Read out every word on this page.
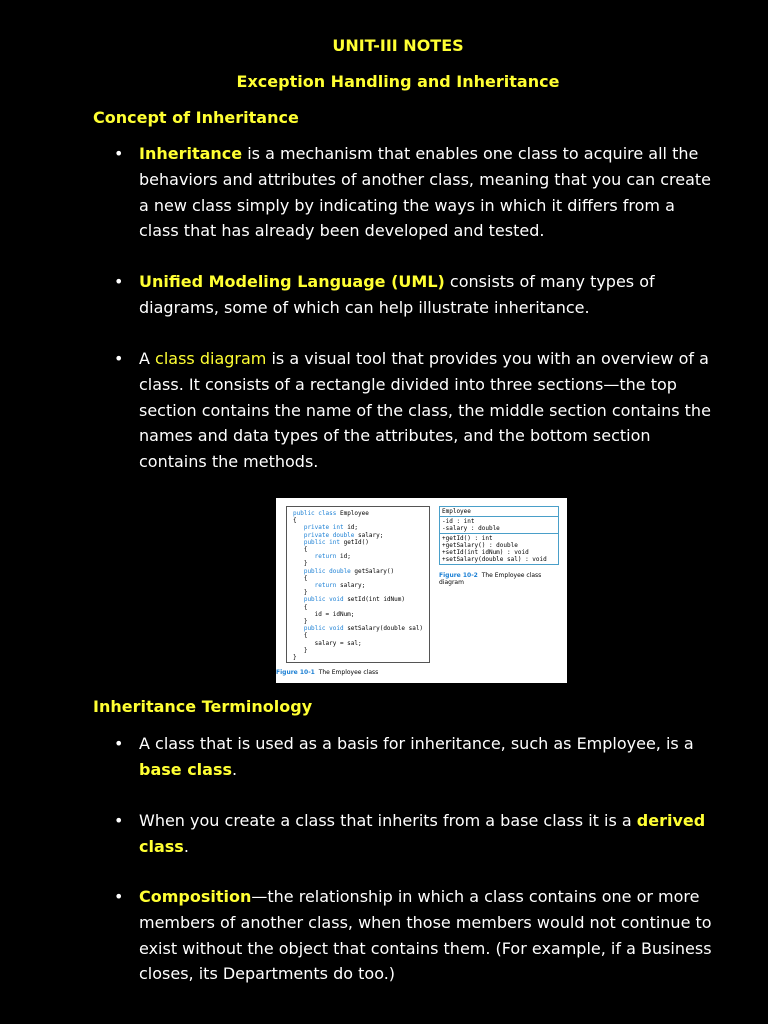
UNIT-III NOTES
Exception Handling and Inheritance
Concept of Inheritance
• Inheritance is a mechanism that enables one class to acquire all the behaviors and attributes of another class, meaning that you can create a new class simply by indicating the ways in which it differs from a class that has already been developed and tested.
• Unified Modeling Language (UML) consists of many types of diagrams, some of which can help illustrate inheritance.
• A class diagram is a visual tool that provides you with an overview of a class. It consists of a rectangle divided into three sections—the top section contains the name of the class, the middle section contains the names and data types of the attributes, and the bottom section contains the methods.
public class Employee
{
private int id;
private double salary;
public int getId()
{
return id;
}
public double getSalary()
{
return salary;
}
public void setId(int idNum)
{
id = idNum;
}
public void setSalary(double sal)
{
salary = sal;
}
}
Figure 10-1 The Employee class
Employee
-id : int
-salary : double
+getId() : int
+getSalary() : double
+setId(int idNum) : void
+setSalary(double sal) : void
Figure 10-2 The Employee class diagram
Inheritance Terminology
• A class that is used as a basis for inheritance, such as Employee, is a base class.
• When you create a class that inherits from a base class it is a derived class.
• Composition—the relationship in which a class contains one or more members of another class, when those members would not continue to exist without the object that contains them. (For example, if a Business closes, its Departments do too.)
